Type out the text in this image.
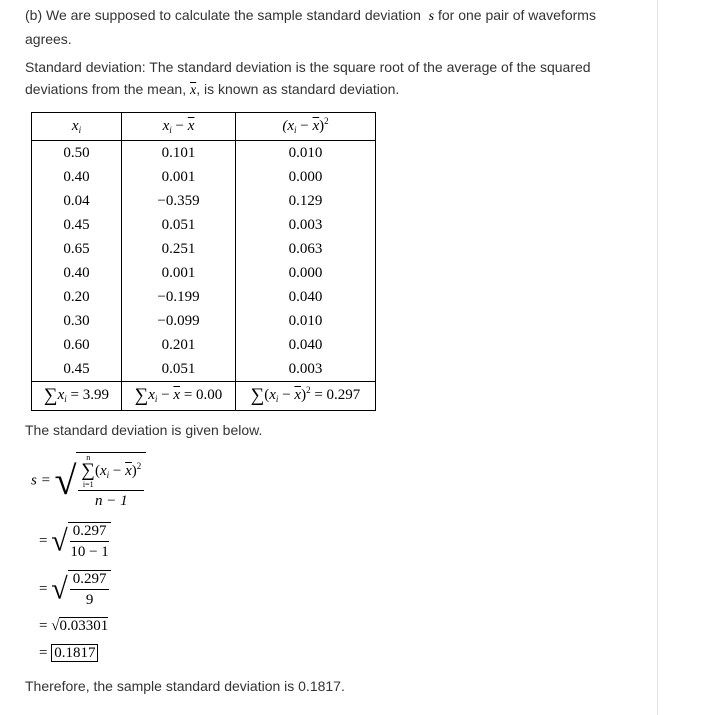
(b) We are supposed to calculate the sample standard deviation s for one pair of waveforms agrees.
Standard deviation: The standard deviation is the square root of the average of the squared deviations from the mean, $\overline{x}$, is known as standard deviation.
$x_i$	$x_i - \overline{x}$	$(x_i - \overline{x})^2$
0.50	0.101	0.010
0.40	0.001	0.000
0.04	−0.359	0.129
0.45	0.051	0.003
0.65	0.251	0.063
0.40	0.001	0.000
0.20	−0.199	0.040
0.30	−0.099	0.010
0.60	0.201	0.040
0.45	0.051	0.003
$\sum x_i = 3.99$	$\sum x_i - \overline{x} = 0.00$	$\sum(x_i - \overline{x})^2 = 0.297$
The standard deviation is given below.
s = √ n
∑
i=1
$(x_i - \overline{x})^2$
n − 1
= √ $\frac{0.297}{10 - 1}$
= √ $\frac{0.297}{9}$
= √0.03301
= 0.1817
Therefore, the sample standard deviation is 0.1817.
